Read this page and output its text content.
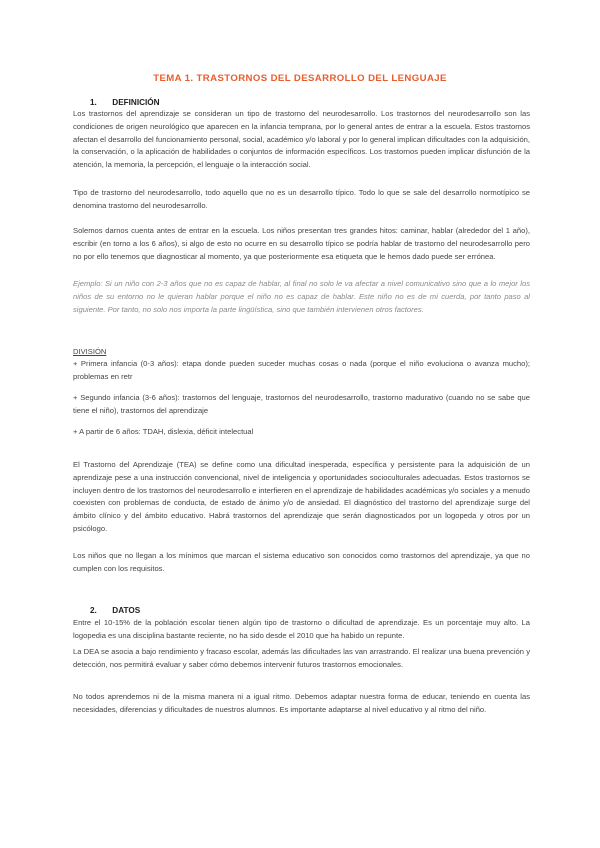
TEMA 1. TRASTORNOS DEL DESARROLLO DEL LENGUAJE
1. DEFINICIÓN
Los trastornos del aprendizaje se consideran un tipo de trastorno del neurodesarrollo. Los trastornos del neurodesarrollo son las condiciones de origen neurológico que aparecen en la infancia temprana, por lo general antes de entrar a la escuela. Estos trastornos afectan el desarrollo del funcionamiento personal, social, académico y/o laboral y por lo general implican dificultades con la adquisición, la conservación, o la aplicación de habilidades o conjuntos de información específicos. Los trastornos pueden implicar disfunción de la atención, la memoria, la percepción, el lenguaje o la interacción social.
Tipo de trastorno del neurodesarrollo, todo aquello que no es un desarrollo típico. Todo lo que se sale del desarrollo normotípico se denomina trastorno del neurodesarrollo.
Solemos darnos cuenta antes de entrar en la escuela. Los niños presentan tres grandes hitos: caminar, hablar (alrededor del 1 año), escribir (en torno a los 6 años), si algo de esto no ocurre en su desarrollo típico se podría hablar de trastorno del neurodesarrollo pero no por ello tenemos que diagnosticar al momento, ya que posteriormente esa etiqueta que le hemos dado puede ser errónea.
Ejemplo: Si un niño con 2-3 años que no es capaz de hablar, al final no solo le va afectar a nivel comunicativo sino que a lo mejor los niños de su entorno no le quieran hablar porque el niño no es capaz de hablar. Este niño no es de mi cuerda, por tanto paso al siguiente. Por tanto, no solo nos importa la parte lingüística, sino que también intervienen otros factores.
DIVISIÓN
+ Primera infancia (0-3 años): etapa donde pueden suceder muchas cosas o nada (porque el niño evoluciona o avanza mucho); problemas en retr
+ Segundo infancia (3-6 años): trastornos del lenguaje, trastornos del neurodesarrollo, trastorno madurativo (cuando no se sabe que tiene el niño), trastornos del aprendizaje
+ A partir de 6 años: TDAH, dislexia, déficit intelectual
El Trastorno del Aprendizaje (TEA) se define como una dificultad inesperada, específica y persistente para la adquisición de un aprendizaje pese a una instrucción convencional, nivel de inteligencia y oportunidades socioculturales adecuadas. Estos trastornos se incluyen dentro de los trastornos del neurodesarrollo e interfieren en el aprendizaje de habilidades académicas y/o sociales y a menudo coexisten con problemas de conducta, de estado de ánimo y/o de ansiedad. El diagnóstico del trastorno del aprendizaje surge del ámbito clínico y del ámbito educativo. Habrá trastornos del aprendizaje que serán diagnosticados por un logopeda y otros por un psicólogo.
Los niños que no llegan a los mínimos que marcan el sistema educativo son conocidos como trastornos del aprendizaje, ya que no cumplen con los requisitos.
2. DATOS
Entre el 10-15% de la población escolar tienen algún tipo de trastorno o dificultad de aprendizaje. Es un porcentaje muy alto. La logopedia es una disciplina bastante reciente, no ha sido desde el 2010 que ha habido un repunte.
La DEA se asocia a bajo rendimiento y fracaso escolar, además las dificultades las van arrastrando. El realizar una buena prevención y detección, nos permitirá evaluar y saber cómo debemos intervenir futuros trastornos emocionales.
No todos aprendemos ni de la misma manera ni a igual ritmo. Debemos adaptar nuestra forma de educar, teniendo en cuenta las necesidades, diferencias y dificultades de nuestros alumnos. Es importante adaptarse al nivel educativo y al ritmo del niño.
